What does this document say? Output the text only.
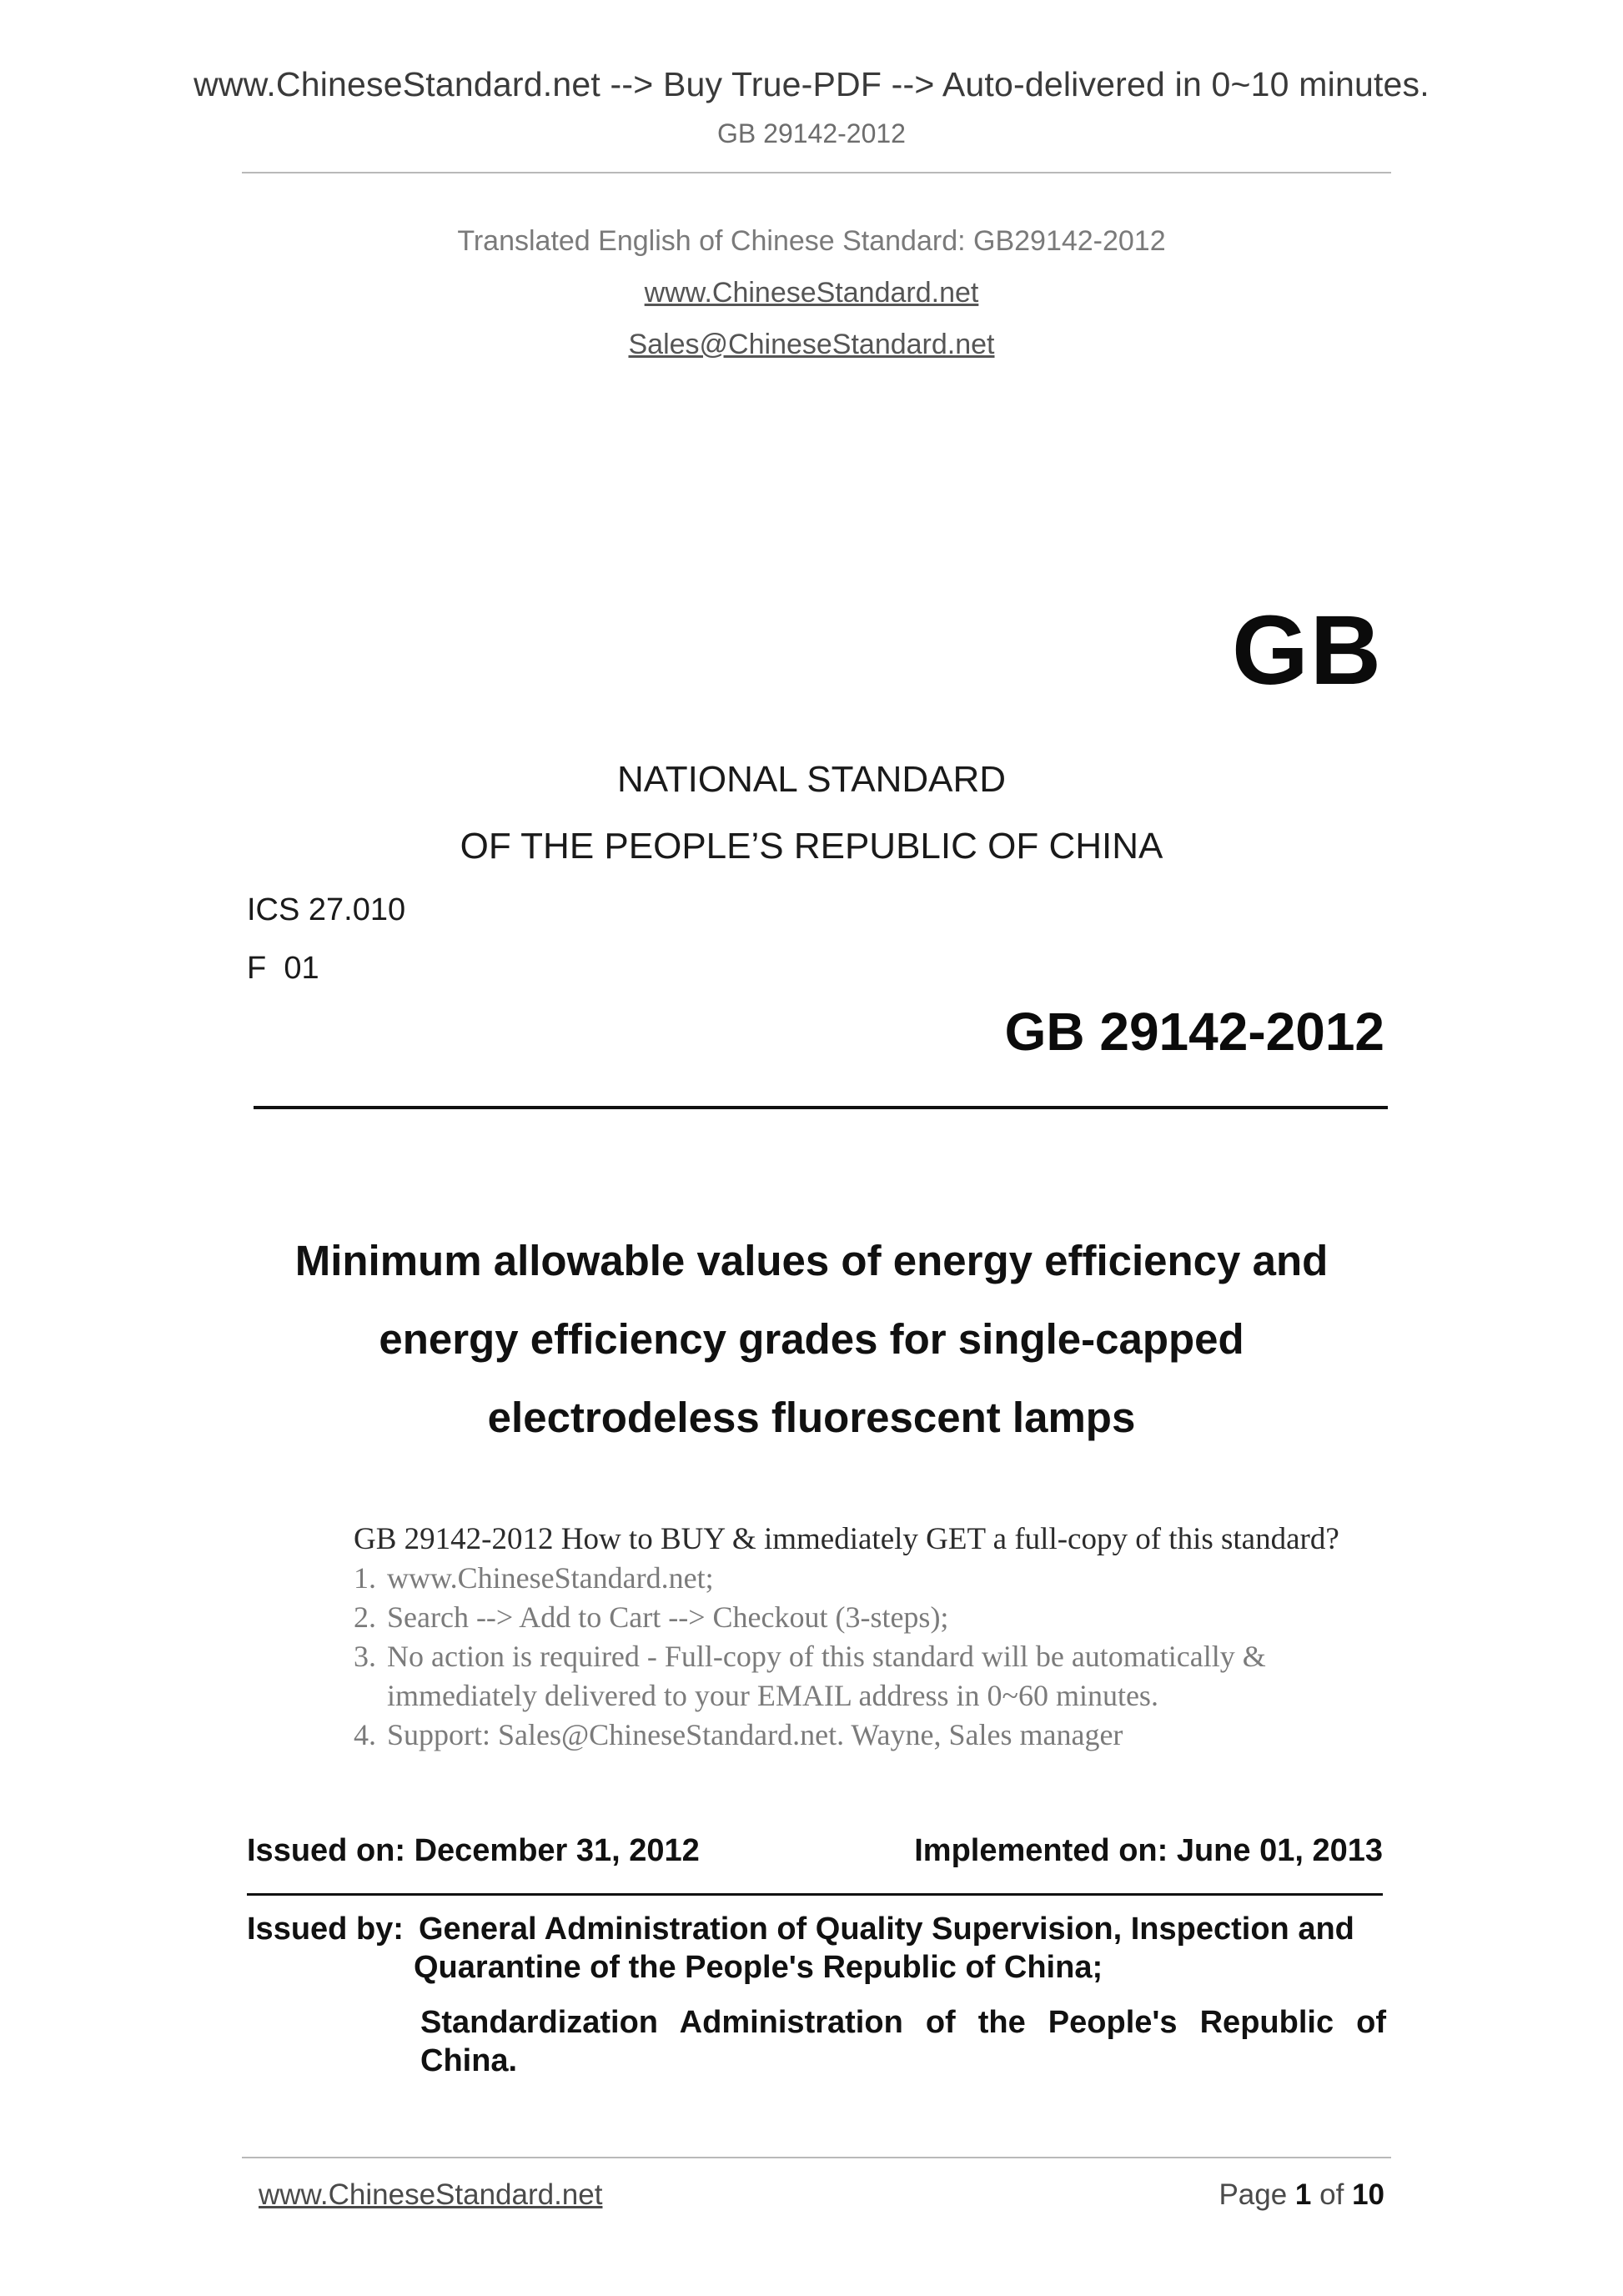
www.ChineseStandard.net --> Buy True-PDF --> Auto-delivered in 0~10 minutes.
GB 29142-2012
Translated English of Chinese Standard: GB29142-2012
www.ChineseStandard.net
Sales@ChineseStandard.net
GB
NATIONAL STANDARD
OF THE PEOPLE’S REPUBLIC OF CHINA
ICS 27.010
F  01
GB 29142-2012
Minimum allowable values of energy efficiency and
energy efficiency grades for single-capped
electrodeless fluorescent lamps
GB 29142-2012 How to BUY & immediately GET a full-copy of this standard?
1. www.ChineseStandard.net;
2. Search --> Add to Cart --> Checkout (3-steps);
3. No action is required - Full-copy of this standard will be automatically &
immediately delivered to your EMAIL address in 0~60 minutes.
4. Support: Sales@ChineseStandard.net. Wayne, Sales manager
Issued on: December 31, 2012	Implemented on: June 01, 2013
Issued by: General Administration of Quality Supervision, Inspection and
Quarantine of the People's Republic of China;
Standardization Administration of the People's Republic of China.
www.ChineseStandard.net	Page 1 of 10
